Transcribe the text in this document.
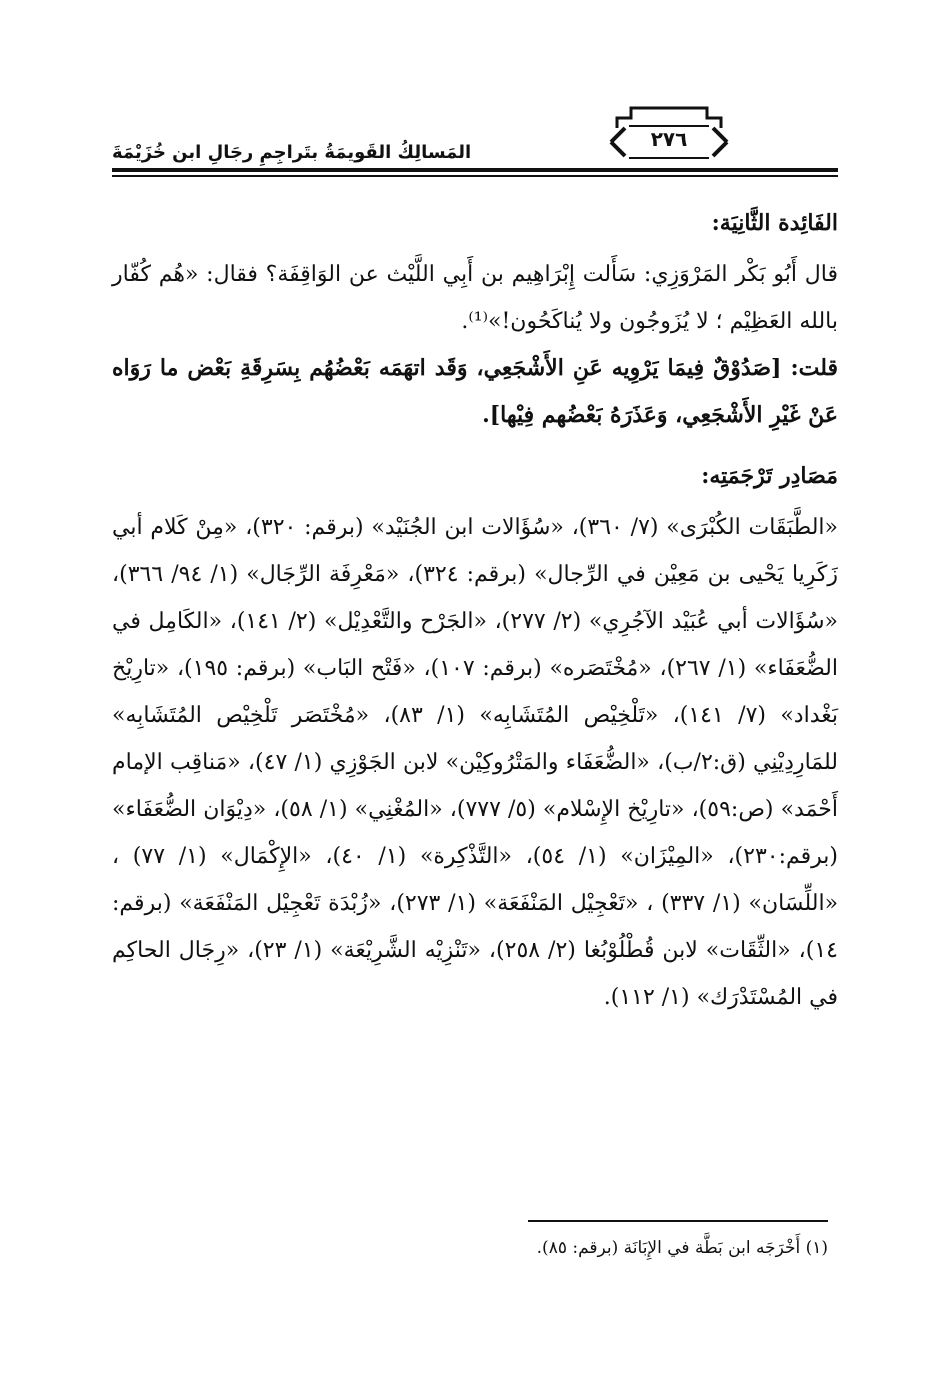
المَسالِكُ القَويمَةُ بتَراجِمِ رجَالِ ابن خُزَيْمَةَ
٢٧٦
الفَائِدة الثَّانِيَة:

قال أَبُو بَكْر المَرْوَزِي: سَأَلت إِبْرَاهِيم بن أَبِي اللَّيْث عن الوَاقِفَة؟ فقال: «هُم كُفّار بالله العَظِيْم ؛ لا يُزَوجُون ولا يُناكَحُون!»⁽¹⁾.

قلت: [صَدُوْقٌ فِيمَا يَرْوِيه عَنِ الأَشْجَعِي، وَقَد اتهَمَه بَعْضُهُم بِسَرِقَةِ بَعْض ما رَوَاه عَنْ غَيْرِ الأَشْجَعِي، وَعَذَرَهُ بَعْضُهم فِيْها].

مَصَادِر تَرْجَمَتِه:

«الطَّبَقَات الكُبْرَى» (٧/ ٣٦٠)، «سُؤَالات ابن الجُنَيْد» (برقم: ٣٢٠)، «مِنْ كَلام أبي زَكَرِيا يَحْيى بن مَعِيْن في الرِّجال» (برقم: ٣٢٤)، «مَعْرِفَة الرِّجَال» (١/ ٩٤/ ٣٦٦)، «سُؤَالات أبي عُبَيْد الآجُرِي» (٢/ ٢٧٧)، «الجَرْح والتَّعْدِيْل» (٢/ ١٤١)، «الكَامِل في الضُّعَفَاء» (١/ ٢٦٧)، «مُخْتَصَره» (برقم: ١٠٧)، «فَتْح البَاب» (برقم: ١٩٥)، «تارِيْخ بَغْداد» (٧/ ١٤١)، «تَلْخِيْص المُتَشَابِه» (١/ ٨٣)، «مُخْتَصَر تَلْخِيْص المُتَشَابِه» للمَارِدِيْنِي (ق:٢/ب)، «الضُّعَفَاء والمَتْرُوكِيْن» لابن الجَوْزِي (١/ ٤٧)، «مَناقِب الإمام أَحْمَد» (ص:٥٩)، «تارِيْخ الإِسْلام» (٥/ ٧٧٧)، «المُغْنِي» (١/ ٥٨)، «دِيْوَان الضُّعَفَاء» (برقم:٢٣٠)، «المِيْزَان» (١/ ٥٤)، «التَّذْكِرة» (١/ ٤٠)، «الإِكْمَال» (١/ ٧٧) ، «اللِّسَان» (١/ ٣٣٧) ، «تَعْجِيْل المَنْفَعَة» (١/ ٢٧٣)، «زُبْدَة تَعْجِيْل المَنْفَعَة» (برقم: ١٤)، «الثِّقَات» لابن قُطْلُوْبُغا (٢/ ٢٥٨)، «تَنْزِيْه الشَّرِيْعَة» (١/ ٢٣)، «رِجَال الحاكِم في المُسْتَدْرَك» (١/ ١١٢).

(١) أَخْرَجَه ابن بَطَّة في الإِبَانَة (برقم: ٨٥).
